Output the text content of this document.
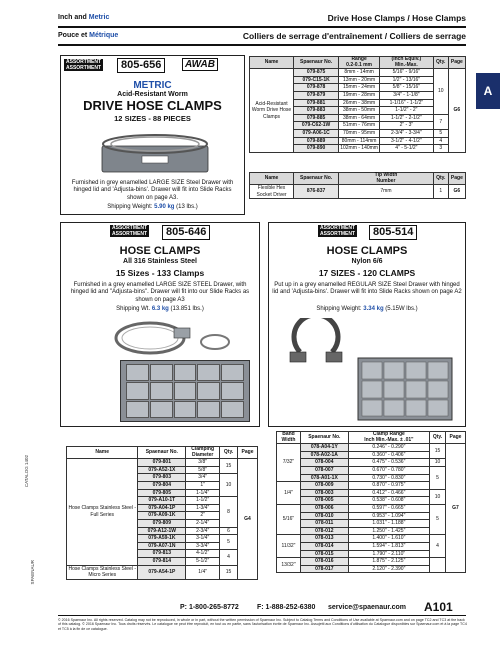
Inch and Metric
Pouce et Métrique
Drive Hose Clamps / Hose Clamps
Colliers de serrage d'entraînement / Colliers de serrage
A
CATALOG 1402
SPAENAUR
ASSORTMENT
ASSORTMENT	805-656	AWAB
METRIC
Acid-Resistant Worm
DRIVE HOSE CLAMPS
12 SIZES - 88 PIECES
Furnished in grey enamelled LARGE SIZE Steel Drawer with hinged lid and 'Adjusta-bins'. Drawer will fit into Slide Racks shown on page A3.
Shipping Weight: 5.90 kg (13 lbs.)
Name	Spaenaur No.	Range
0.2-0.1 mm	(Inch Equiv.)
Min.-Max.	Qty.	Page
Acid-Resistant Worm Drive Hose Clamps	079-875	8mm - 14mm	5/16" - 9/16"	10	G6
	079-C15-1K	13mm - 20mm	1/2" - 13/16"		
	079-878	15mm - 24mm	5/8" - 15/16"		
	079-879	19mm - 28mm	3/4" - 1-1/8"		
	079-881	26mm - 38mm	1-1/16" - 1-1/2"		
	079-883	38mm - 50mm	1-1/2" - 2"		
	079-885	38mm - 64mm	1-1/2" - 2-1/2"	7	
	079-C62-1W	51mm - 76mm	2" - 3"		
	079-A06-1C	70mm - 95mm	2-3/4" - 3-3/4"	5	
	079-889	80mm - 114mm	3-1/2" - 4-1/2"	4	
	079-890	102mm - 140mm	4" - 5-1/2"	3	
Name	Spaenaur No.	Tip Width
Number	Qty.	Page
Flexible Hex Socket Driver	876-837	7mm	1	G6
ASSORTMENT
ASSORTMENT	805-646
HOSE CLAMPS
All 316 Stainless Steel
15 Sizes - 133 Clamps
Furnished in a grey enamelled LARGE SIZE STEEL Drawer, with hinged lid and "Adjusta-bins". Drawer will fit into our Slide Racks as shown on page A3
Shipping Wt. 6.3 kg (13.851 lbs.)
Name	Spaenaur No.	Clamping
Diameter	Qty.	Page
Hose Clamps Stainless Steel - Full Series	079-801	3/8"	15	G4
	079-A52-1X	5/8"		
	079-803	3/4"	10	
	079-804	1"		
	079-805	1-1/4"		
	079-A10-1T	1-1/2"	8	
	079-A04-1P	1-3/4"		
	079-A09-1K	2"		
	079-809	2-1/4"		
	079-A12-1W	2-3/4"	6	
	079-A59-1K	3-1/4"	5	
	079-A07-1N	3-3/4"		
	079-813	4-1/2"	4	
	079-814	5-1/2"		
Hose Clamps Stainless Steel - Micro Series	079-A54-1P	1/4"	15	
ASSORTMENT
ASSORTMENT	805-514
HOSE CLAMPS
Nylon 6/6
17 SIZES - 120 CLAMPS
Put up in a grey enamelled REGULAR SIZE Steel Drawer with hinged lid and 'Adjusta-bins'. Drawer will fit into Slide Racks shown on page A2
Shipping Weight: 3.34 kg (5.15W lbs.)
Band
Width	Spaenaur No.	Clamp Range
Inch Min.-Max. ± .01"	Qty.	Page
7/32"	078-A04-1Y	0.246" - 0.290"	15	G7
	078-A02-1A	0.360" - 0.406"		
	078-004	0.475" - 0.536"	10	
	078-007	0.670" - 0.780"	5	
	078-A01-1X	0.730" - 0.830"		
1/4"	078-009	0.870" - 0.975"		
	078-003	0.412" - 0.466"	10	
	078-005	0.538" - 0.608"		
5/16"	078-006	0.597" - 0.665"	5	
	078-010	0.953" - 1.094"		
	078-011	1.031" - 1.188"		
	078-012	1.250" - 1.425"		
11/32"	078-013	1.400" - 1.610"	4	
	078-014	1.594" - 1.813"		
	078-015	1.790" - 2.110"		
13/32"	078-016	1.875" - 2.125"		
	078-017	2.120" - 2.390"		
P: 1-800-265-8772	F: 1-888-252-6380 service@spaenaur.com A101
© 2016 Spaenaur Inc. All rights reserved. Catalog may not be reproduced, in whole or in part, without the written permission of Spaenaur Inc. Subject to Catalog Terms and Conditions of Use available at Spaenaur.com and on page TC2 and TC3 at the back of this catalog. © 2016 Spaenaur Inc. Tous droits réservés. Le catalogue ne peut être reproduit, en tout ou en partie, sans l'autorisation écrite de Spaenaur Inc. Assujetti aux Conditions d'utilisation du Catalogue disponibles sur Spaenaur.com et à la page TC4 et TC5 à la fin de ce catalogue.
